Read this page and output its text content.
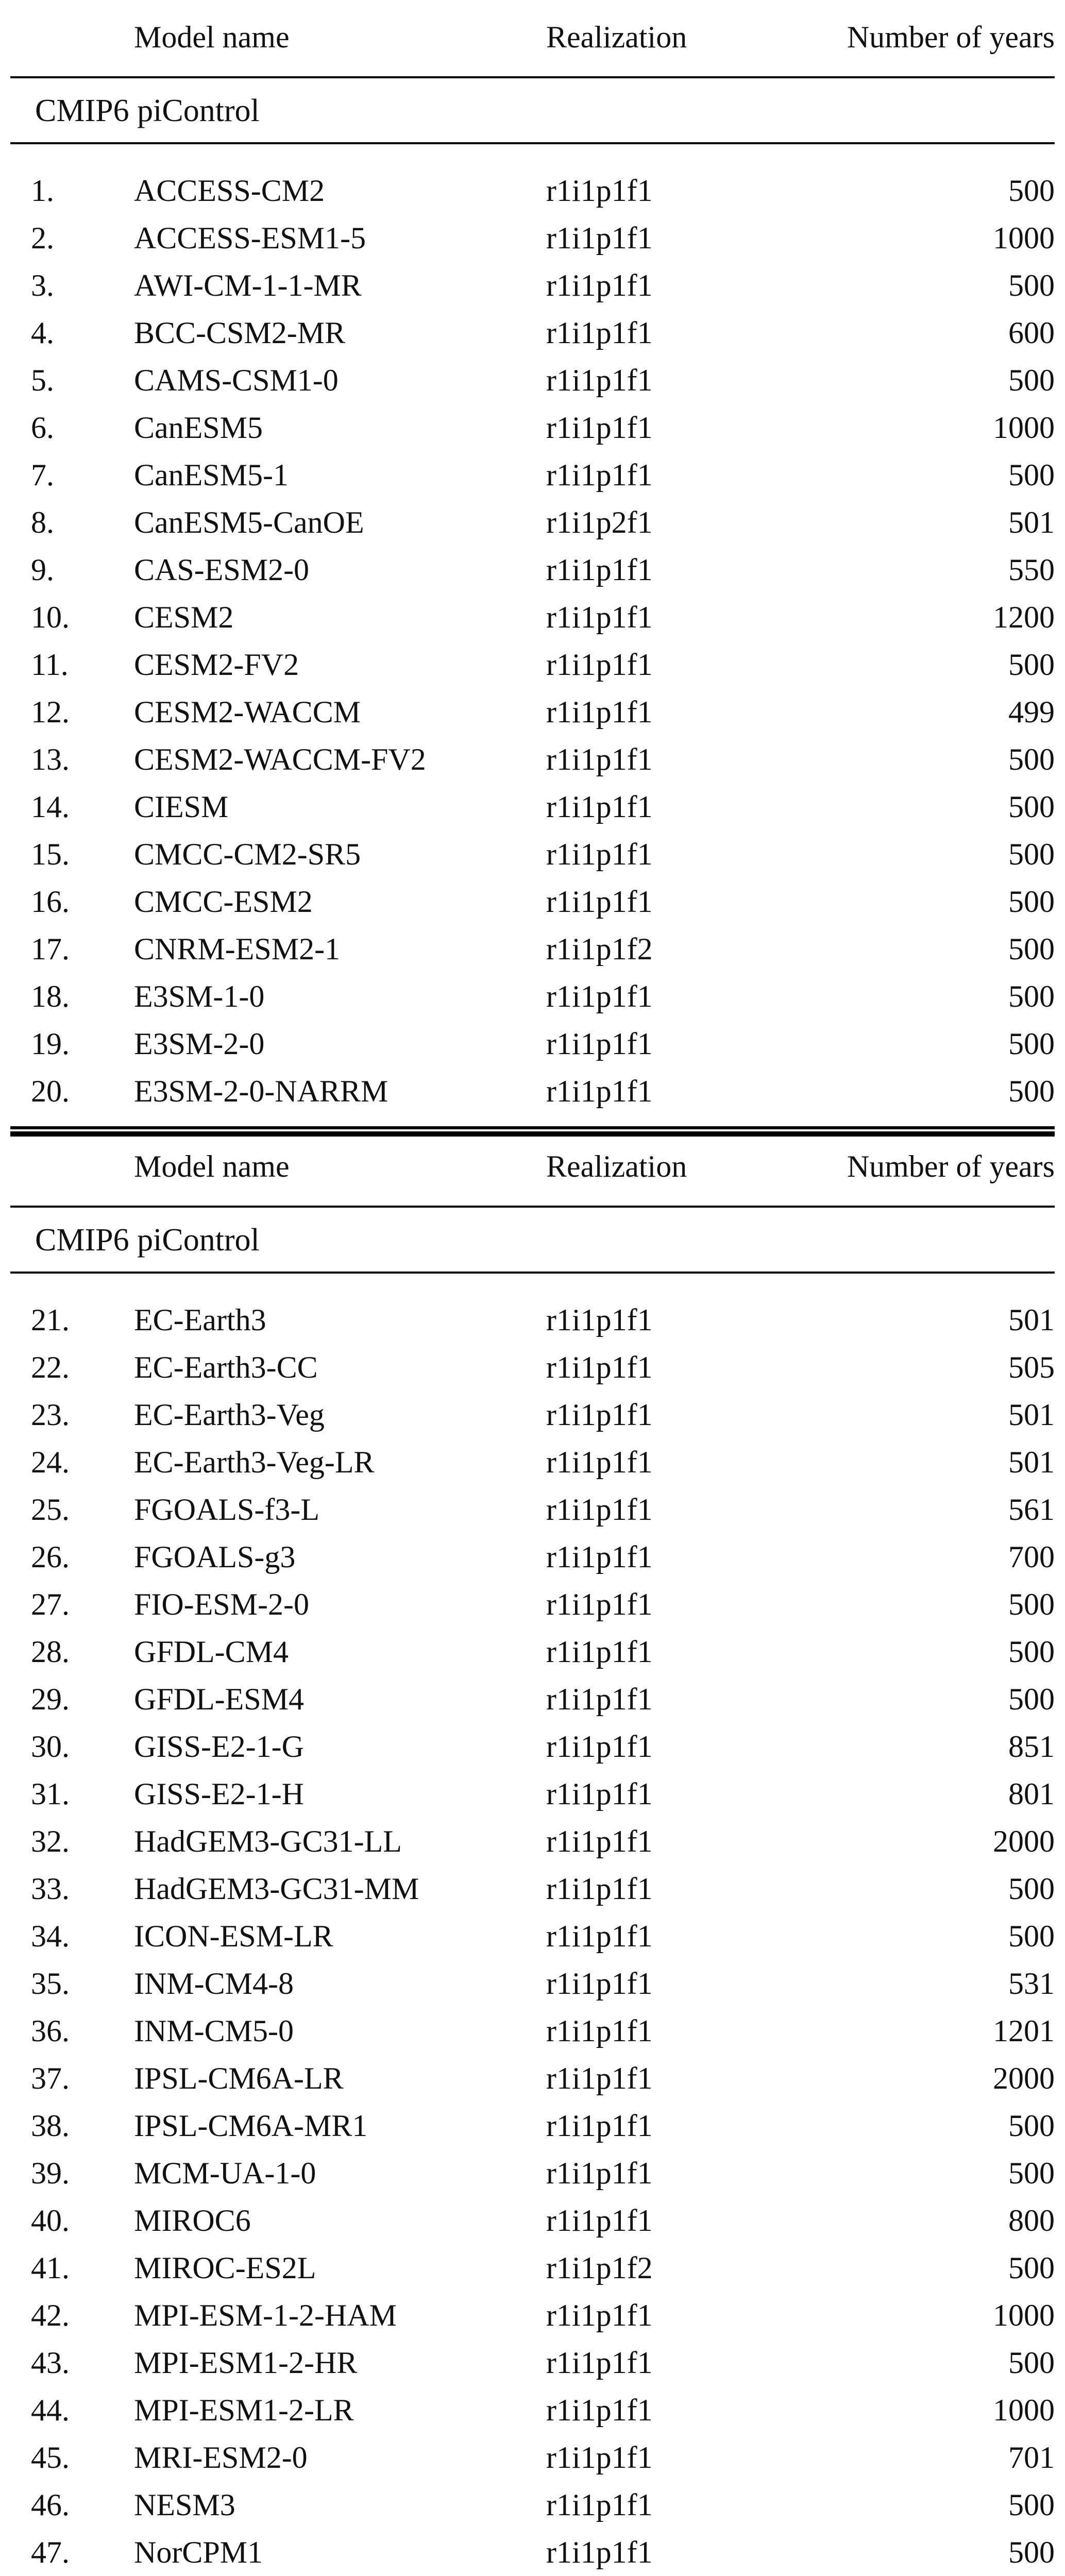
Model name	Realization	Number of years
CMIP6 piControl
1.	ACCESS-CM2	r1i1p1f1	500
2.	ACCESS-ESM1-5	r1i1p1f1	1000
3.	AWI-CM-1-1-MR	r1i1p1f1	500
4.	BCC-CSM2-MR	r1i1p1f1	600
5.	CAMS-CSM1-0	r1i1p1f1	500
6.	CanESM5	r1i1p1f1	1000
7.	CanESM5-1	r1i1p1f1	500
8.	CanESM5-CanOE	r1i1p2f1	501
9.	CAS-ESM2-0	r1i1p1f1	550
10. CESM2	r1i1p1f1	1200
11. CESM2-FV2	r1i1p1f1	500
12. CESM2-WACCM	r1i1p1f1	499
13. CESM2-WACCM-FV2	r1i1p1f1	500
14. CIESM	r1i1p1f1	500
15. CMCC-CM2-SR5	r1i1p1f1	500
16. CMCC-ESM2	r1i1p1f1	500
17. CNRM-ESM2-1	r1i1p1f2	500
18. E3SM-1-0	r1i1p1f1	500
19. E3SM-2-0	r1i1p1f1	500
20. E3SM-2-0-NARRM	r1i1p1f1	500
Model name	Realization	Number of years
CMIP6 piControl
21. EC-Earth3	r1i1p1f1	501
22. EC-Earth3-CC	r1i1p1f1	505
23. EC-Earth3-Veg	r1i1p1f1	501
24. EC-Earth3-Veg-LR	r1i1p1f1	501
25. FGOALS-f3-L	r1i1p1f1	561
26. FGOALS-g3	r1i1p1f1	700
27. FIO-ESM-2-0	r1i1p1f1	500
28. GFDL-CM4	r1i1p1f1	500
29. GFDL-ESM4	r1i1p1f1	500
30. GISS-E2-1-G	r1i1p1f1	851
31. GISS-E2-1-H	r1i1p1f1	801
32. HadGEM3-GC31-LL	r1i1p1f1	2000
33. HadGEM3-GC31-MM	r1i1p1f1	500
34. ICON-ESM-LR	r1i1p1f1	500
35. INM-CM4-8	r1i1p1f1	531
36. INM-CM5-0	r1i1p1f1	1201
37. IPSL-CM6A-LR	r1i1p1f1	2000
38. IPSL-CM6A-MR1	r1i1p1f1	500
39. MCM-UA-1-0	r1i1p1f1	500
40. MIROC6	r1i1p1f1	800
41. MIROC-ES2L	r1i1p1f2	500
42. MPI-ESM-1-2-HAM	r1i1p1f1	1000
43. MPI-ESM1-2-HR	r1i1p1f1	500
44. MPI-ESM1-2-LR	r1i1p1f1	1000
45. MRI-ESM2-0	r1i1p1f1	701
46. NESM3	r1i1p1f1	500
47. NorCPM1	r1i1p1f1	500
